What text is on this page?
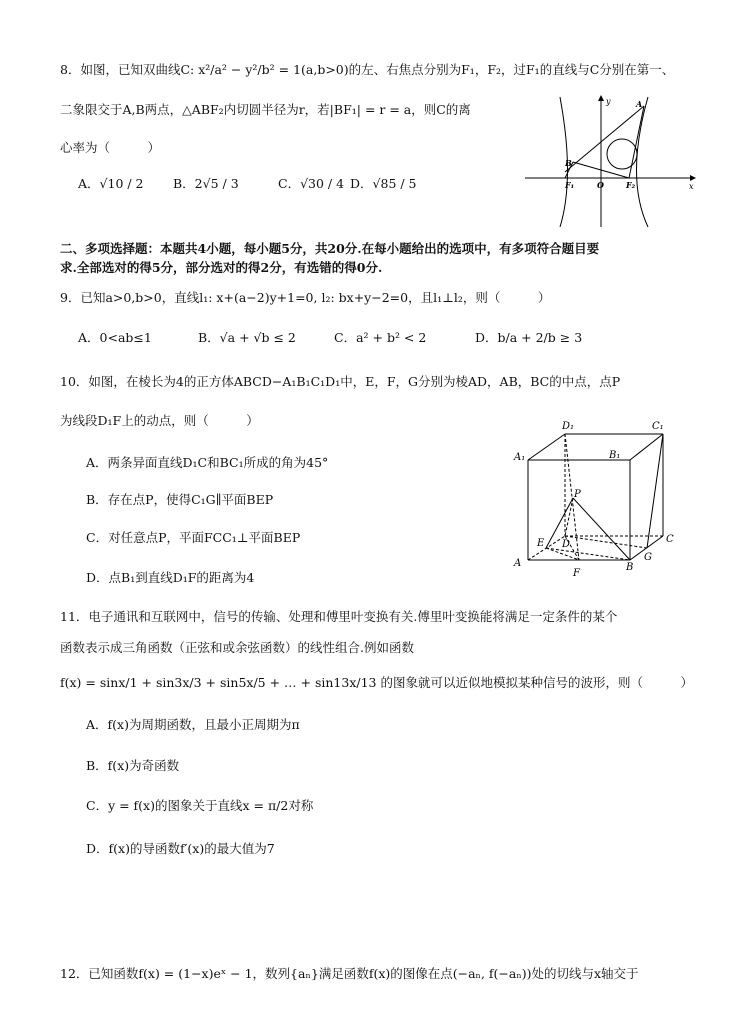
8．如图，已知双曲线C: x²/a² − y²/b² = 1(a,b>0)的左、右焦点分别为F₁，F₂，过F₁的直线与C分别在第一、
二象限交于A,B两点，△ABF₂内切圆半径为r，若|BF₁| = r = a，则C的离
心率为（　　　）
A．√10 / 2 B．2√5 / 3	C．√30 / 4 D．√85 / 5
y
x
A
B
F₁	O	F₂
二、多项选择题：本题共4小题，每小题5分，共20分.在每小题给出的选项中，有多项符合题目要
求.全部选对的得5分，部分选对的得2分，有选错的得0分.
9．已知a>0,b>0，直线l₁: x+(a−2)y+1=0, l₂: bx+y−2=0，且l₁⊥l₂，则（　　　）
A．0<ab≤1	B．√a + √b ≤ 2	C．a² + b² < 2	D．b/a + 2/b ≥ 3
10．如图，在棱长为4的正方体ABCD−A₁B₁C₁D₁中，E，F，G分别为棱AD，AB，BC的中点，点P
为线段D₁F上的动点，则（　　　）
A．两条异面直线D₁C和BC₁所成的角为45°
B．存在点P，使得C₁G∥平面BEP
C．对任意点P，平面FCC₁⊥平面BEP
D．点B₁到直线D₁F的距离为4
D₁	C₁
A₁	B₁
P
E D	C
A
F
B
G
11．电子通讯和互联网中，信号的传输、处理和傅里叶变换有关.傅里叶变换能将满足一定条件的某个
函数表示成三角函数（正弦和或余弦函数）的线性组合.例如函数
f(x) = sinx/1 + sin3x/3 + sin5x/5 + … + sin13x/13 的图象就可以近似地模拟某种信号的波形，则（　　　）
A．f(x)为周期函数，且最小正周期为π
B．f(x)为奇函数
C．y = f(x)的图象关于直线x = π/2对称
D．f(x)的导函数f′(x)的最大值为7
12．已知函数f(x) = (1−x)eˣ − 1，数列{aₙ}满足函数f(x)的图像在点(−aₙ, f(−aₙ))处的切线与x轴交于
